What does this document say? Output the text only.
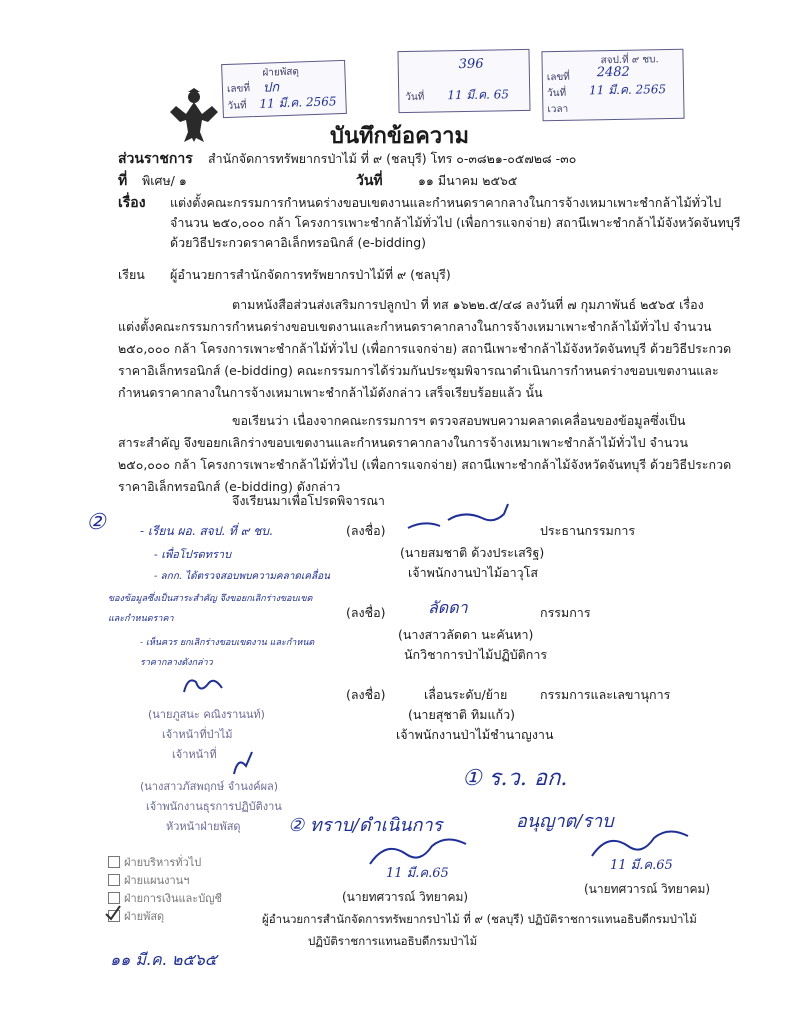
ฝ่ายพัสดุ
เลขที่ ปก
วันที่ 11 มี.ค. 2565
396
วันที่ 11 มี.ค. 65
สจป.ที่ ๙ ชบ.
เลขที่ 2482
วันที่ 11 มี.ค. 2565
เวลา
บันทึกข้อความ
ส่วนราชการ สำนักจัดการทรัพยากรป่าไม้ ที่ ๙ (ชลบุรี) โทร ๐-๓๘๒๑-๐๕๗๒๘ -๓๐
ที่ พิเศษ/ ๑	วันที่	๑๑ มีนาคม ๒๕๖๕
เรื่อง แต่งตั้งคณะกรรมการกำหนดร่างขอบเขตงานและกำหนดราคากลางในการจ้างเหมาเพาะชำกล้าไม้ทั่วไป
จำนวน ๒๕๐,๐๐๐ กล้า โครงการเพาะชำกล้าไม้ทั่วไป (เพื่อการแจกจ่าย) สถานีเพาะชำกล้าไม้จังหวัดจันทบุรี
ด้วยวิธีประกวดราคาอิเล็กทรอนิกส์ (e-bidding)
เรียน ผู้อำนวยการสำนักจัดการทรัพยากรป่าไม้ที่ ๙ (ชลบุรี)
ตามหนังสือส่วนส่งเสริมการปลูกป่า ที่ ทส ๑๖๒๒.๕/๔๘ ลงวันที่ ๗ กุมภาพันธ์ ๒๕๖๕ เรื่อง
แต่งตั้งคณะกรรมการกำหนดร่างขอบเขตงานและกำหนดราคากลางในการจ้างเหมาเพาะชำกล้าไม้ทั่วไป จำนวน
๒๕๐,๐๐๐ กล้า โครงการเพาะชำกล้าไม้ทั่วไป (เพื่อการแจกจ่าย) สถานีเพาะชำกล้าไม้จังหวัดจันทบุรี ด้วยวิธีประกวด
ราคาอิเล็กทรอนิกส์ (e-bidding) คณะกรรมการได้ร่วมกันประชุมพิจารณาดำเนินการกำหนดร่างขอบเขตงานและ
กำหนดราคากลางในการจ้างเหมาเพาะชำกล้าไม้ดังกล่าว เสร็จเรียบร้อยแล้ว นั้น
ขอเรียนว่า เนื่องจากคณะกรรมการฯ ตรวจสอบพบความคลาดเคลื่อนของข้อมูลซึ่งเป็น
สาระสำคัญ จึงขอยกเลิกร่างขอบเขตงานและกำหนดราคากลางในการจ้างเหมาเพาะชำกล้าไม้ทั่วไป จำนวน
๒๕๐,๐๐๐ กล้า โครงการเพาะชำกล้าไม้ทั่วไป (เพื่อการแจกจ่าย) สถานีเพาะชำกล้าไม้จังหวัดจันทบุรี ด้วยวิธีประกวด
ราคาอิเล็กทรอนิกส์ (e-bidding) ดังกล่าว
จึงเรียนมาเพื่อโปรดพิจารณา
②	- เรียน ผอ. สจป. ที่ ๙ ชบ.
- เพื่อโปรดทราบ
- ลกก. ได้ตรวจสอบพบความคลาดเคลื่อน
ของข้อมูลซึ่งเป็นสาระสำคัญ จึงขอยกเลิกร่างขอบเขต
และกำหนดราคา
- เห็นควร ยกเลิกร่างขอบเขตงาน และกำหนด
ราคากลางดังกล่าว
(ลงชื่อ)	ประธานกรรมการ
(นายสมชาติ ด้วงประเสริฐ)
เจ้าพนักงานป่าไม้อาวุโส
(ลงชื่อ)	ลัดดา	กรรมการ
(นางสาวลัดดา นะคันหา)
นักวิชาการป่าไม้ปฏิบัติการ
(ลงชื่อ)	เลื่อนระดับ/ย้าย	กรรมการและเลขานุการ
(นายสุชาติ ทิมแก้ว)
เจ้าพนักงานป่าไม้ชำนาญงาน
(นายภูสนะ คณิงรานนท์)
เจ้าหน้าที่ป่าไม้
เจ้าหน้าที่
(นางสาวภัสพฤกษ์ จำนงค์ผล)
เจ้าพนักงานธุรการปฏิบัติงาน
หัวหน้าฝ่ายพัสดุ
① ร.ว. อก.
② ทราบ/ดำเนินการ	อนุญาต/ราบ
11 มี.ค.65
11 มี.ค.65
ฝ่ายบริหารทั่วไป
ฝ่ายแผนงานฯ
ฝ่ายการเงินและบัญชี
ฝ่ายพัสดุ
(นายทศวารณ์ วิทยาคม)
(นายทศวารณ์ วิทยาคม)
ผู้อำนวยการสำนักจัดการทรัพยากรป่าไม้ ที่ ๙ (ชลบุรี) ปฏิบัติราชการแทนอธิบดีกรมป่าไม้
ปฏิบัติราชการแทนอธิบดีกรมป่าไม้
๑๑ มี.ค. ๒๕๖๕
